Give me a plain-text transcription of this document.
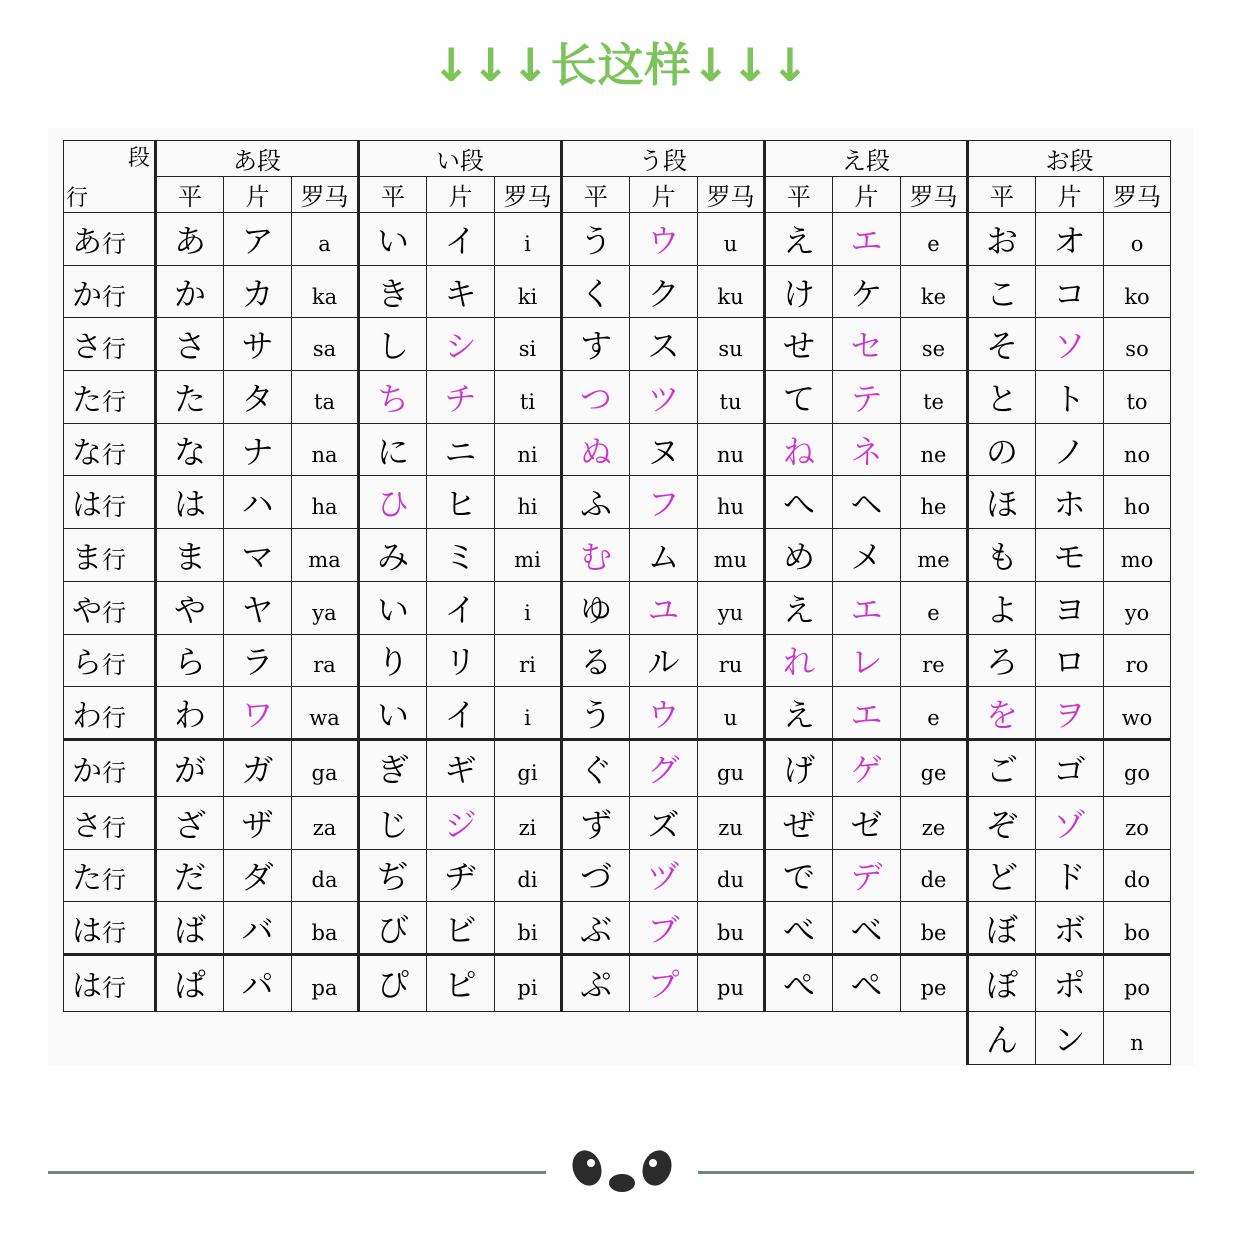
↓↓↓长这样↓↓↓
段
行	あ段			い段			う段			え段			お段		
	平	片	罗马	平	片	罗马	平	片	罗马	平	片	罗马	平	片	罗马
あ行	あ	ア	a	い	イ	i	う	ウ	u	え	エ	e	お	オ	o
か行	か	カ	ka	き	キ	ki	く	ク	ku	け	ケ	ke	こ	コ	ko
さ行	さ	サ	sa	し	シ	si	す	ス	su	せ	セ	se	そ	ソ	so
た行	た	タ	ta	ち	チ	ti	つ	ツ	tu	て	テ	te	と	ト	to
な行	な	ナ	na	に	ニ	ni	ぬ	ヌ	nu	ね	ネ	ne	の	ノ	no
は行	は	ハ	ha	ひ	ヒ	hi	ふ	フ	hu	へ	ヘ	he	ほ	ホ	ho
ま行	ま	マ	ma	み	ミ	mi	む	ム	mu	め	メ	me	も	モ	mo
や行	や	ヤ	ya	い	イ	i	ゆ	ユ	yu	え	エ	e	よ	ヨ	yo
ら行	ら	ラ	ra	り	リ	ri	る	ル	ru	れ	レ	re	ろ	ロ	ro
わ行	わ	ワ	wa	い	イ	i	う	ウ	u	え	エ	e	を	ヲ	wo
か行	が	ガ	ga	ぎ	ギ	gi	ぐ	グ	gu	げ	ゲ	ge	ご	ゴ	go
さ行	ざ	ザ	za	じ	ジ	zi	ず	ズ	zu	ぜ	ゼ	ze	ぞ	ゾ	zo
た行	だ	ダ	da	ぢ	ヂ	di	づ	ヅ	du	で	デ	de	ど	ド	do
は行	ば	バ	ba	び	ビ	bi	ぶ	ブ	bu	べ	ベ	be	ぼ	ボ	bo
は行	ぱ	パ	pa	ぴ	ピ	pi	ぷ	プ	pu	ぺ	ペ	pe	ぽ	ポ	po
													ん	ン	n
